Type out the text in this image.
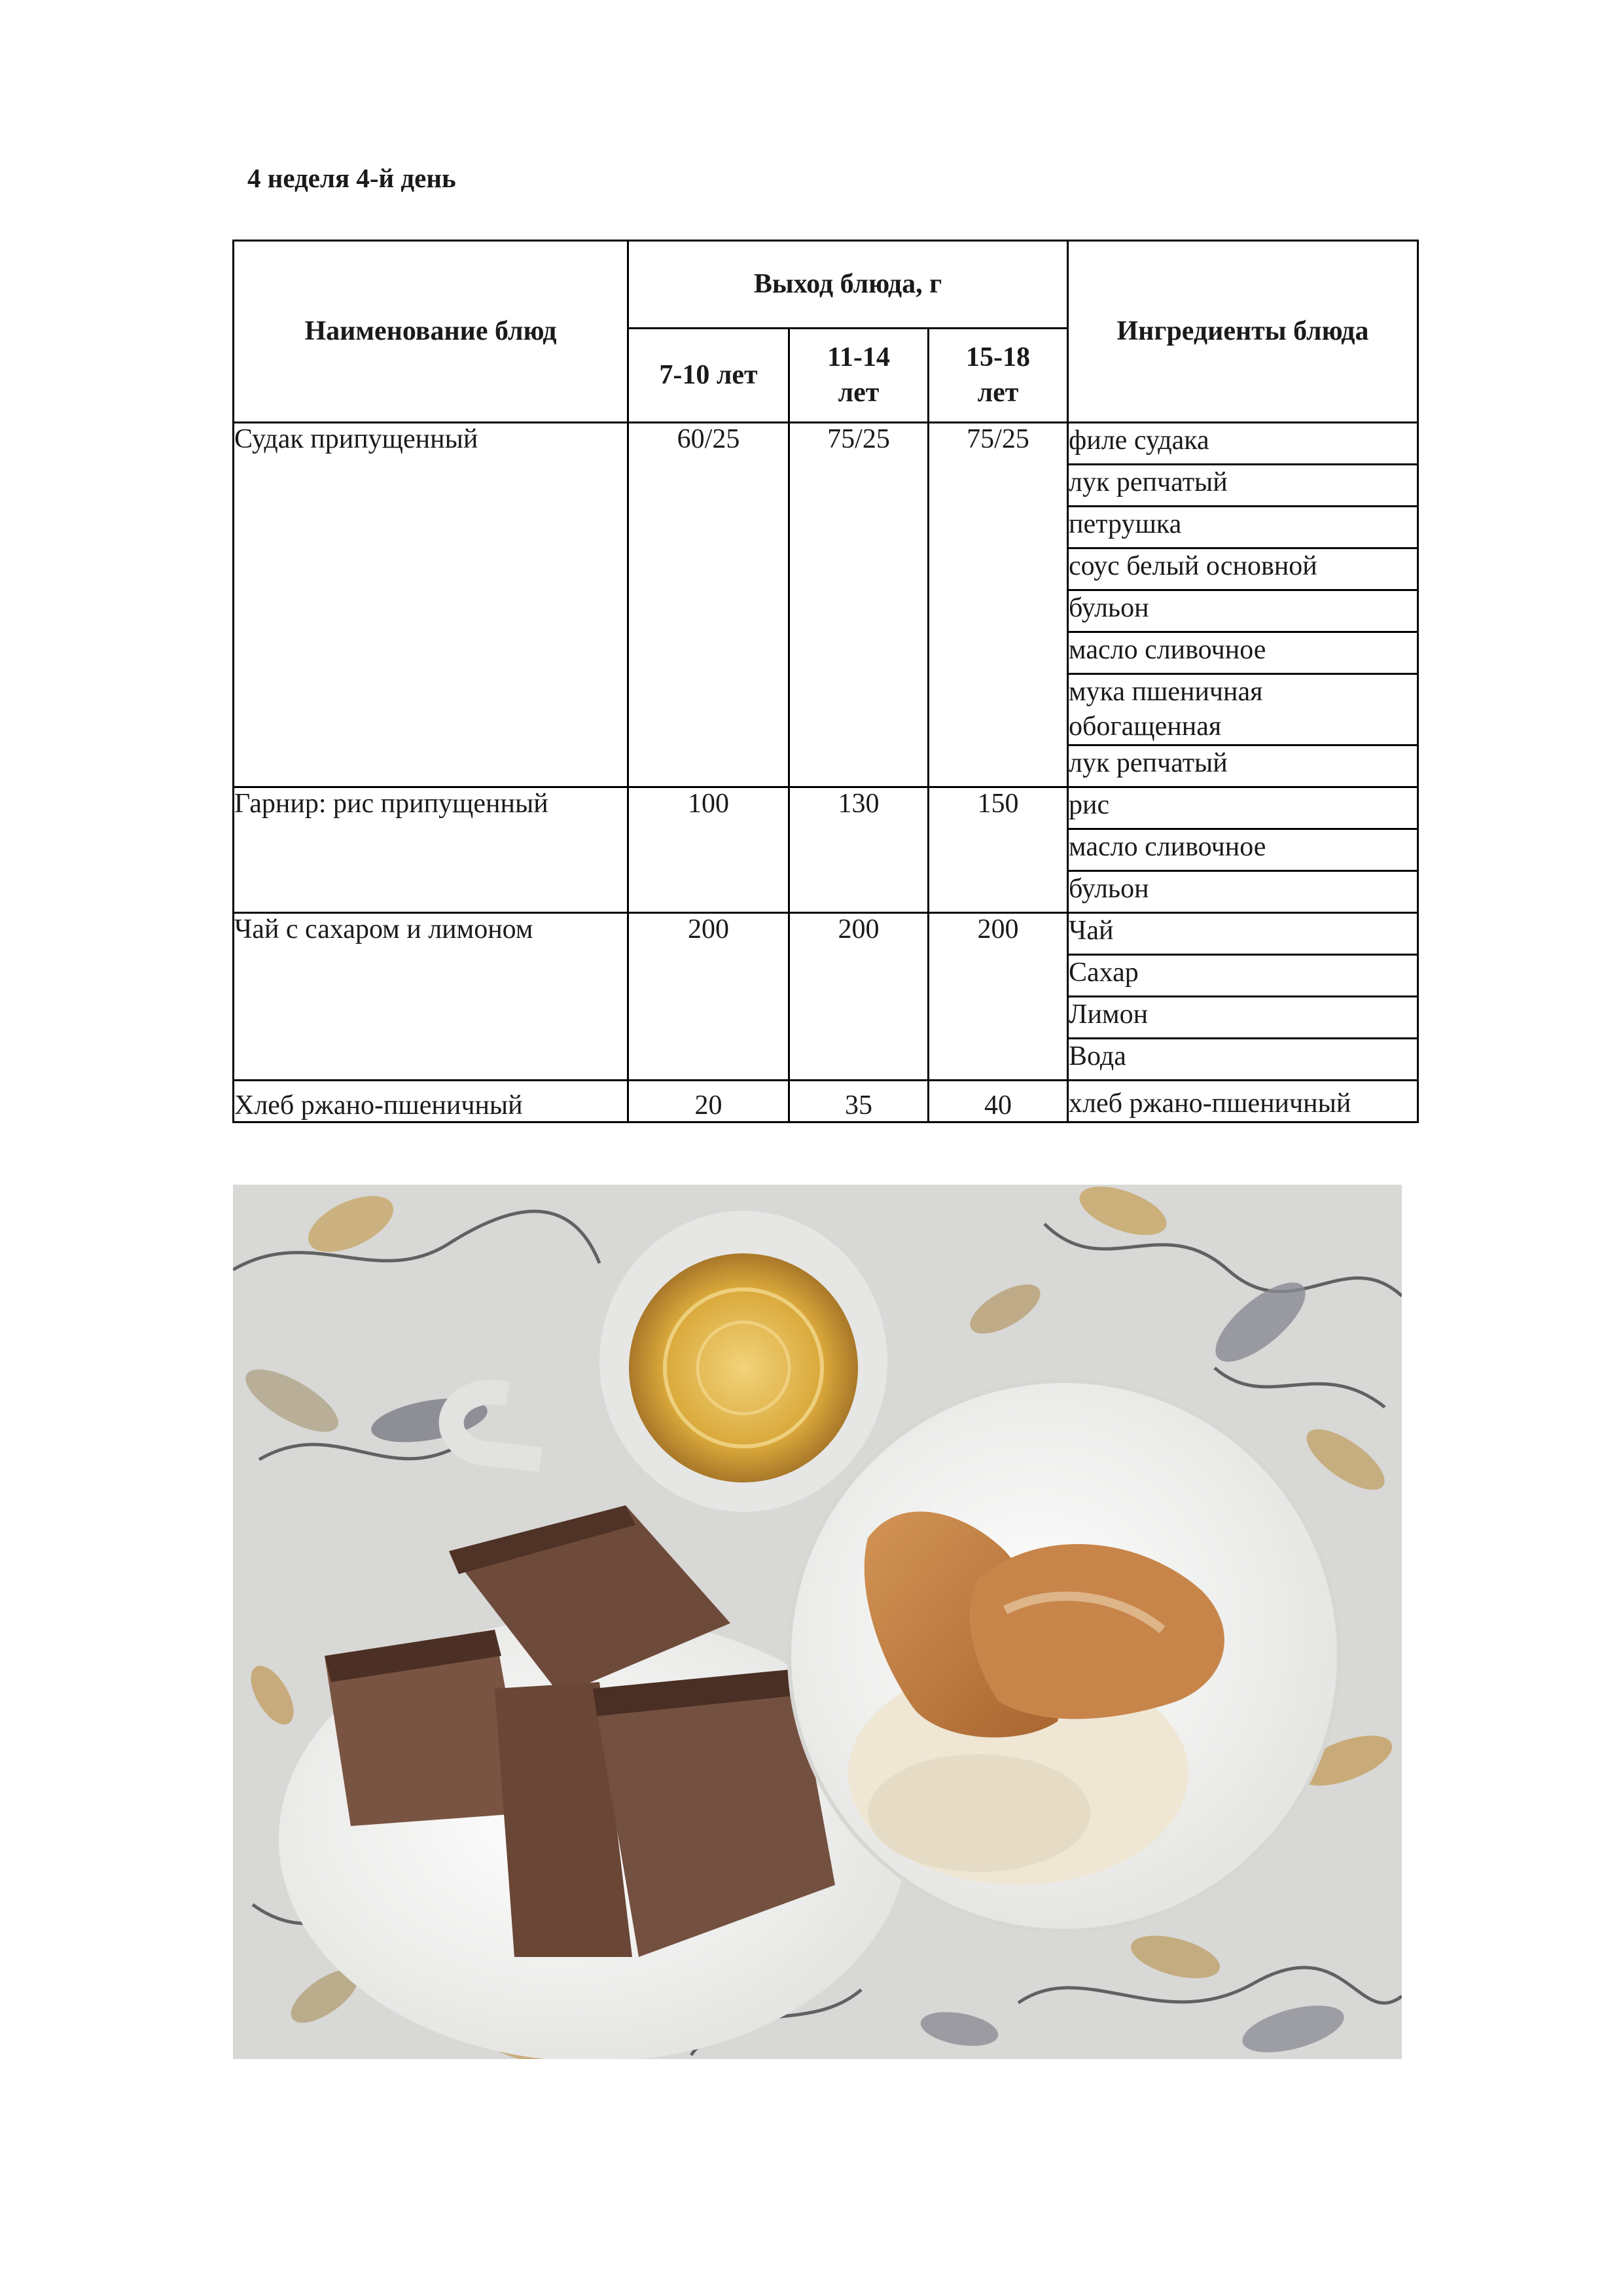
4 неделя 4-й день
Наименование блюд	Выход блюда, г			Ингредиенты блюда
	7-10 лет	11-14 лет	15-18 лет	
Судак припущенный	60/25	75/25	75/25	филе судака
				лук репчатый
				петрушка
				соус белый основной
				бульон
				масло сливочное
				мука пшеничная обогащенная
				лук репчатый
Гарнир: рис припущенный	100	130	150	рис
				масло сливочное
				бульон
Чай с сахаром и лимоном	200	200	200	Чай
				Сахар
				Лимон
				Вода
Хлеб ржано-пшеничный	20	35	40	хлеб ржано-пшеничный
